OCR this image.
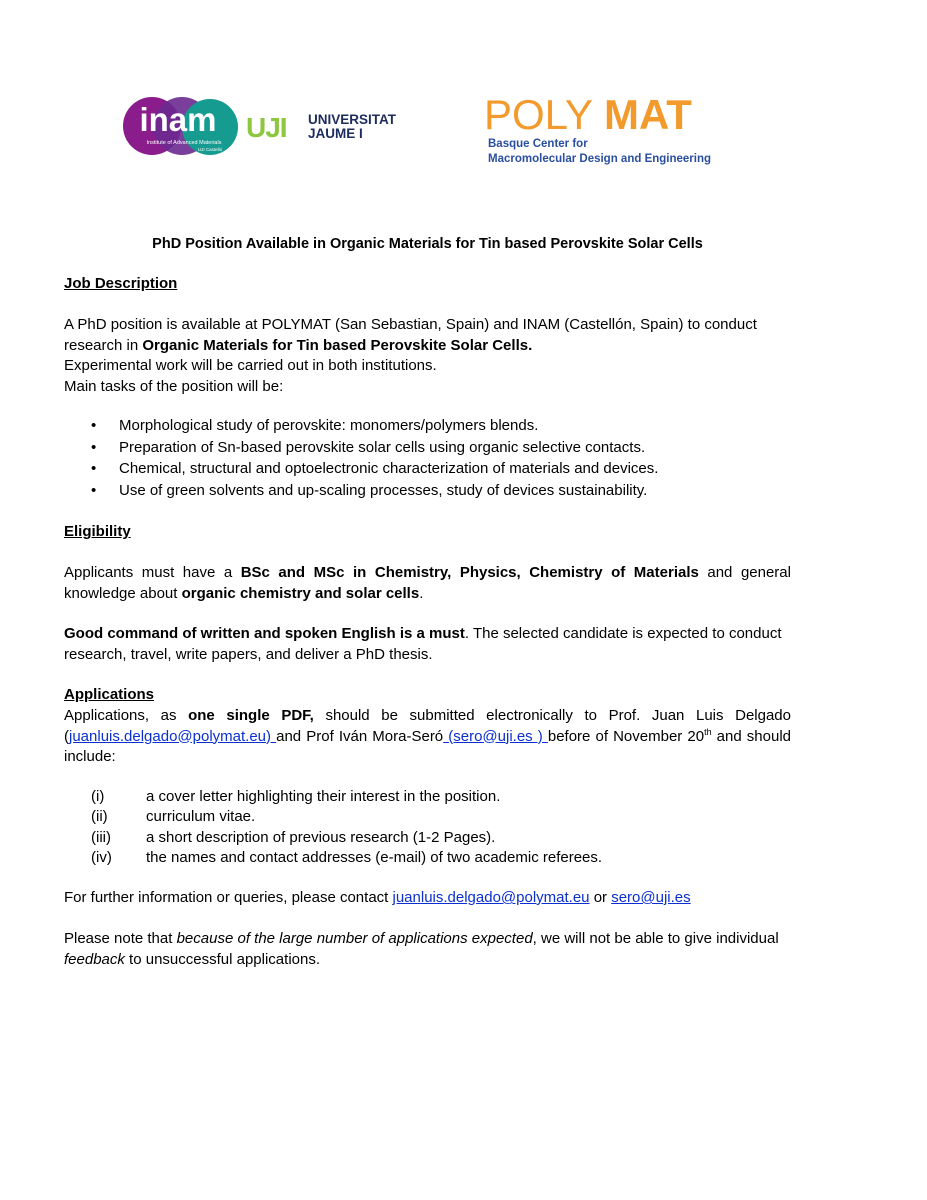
inam
Institute of Advanced Materials
UJI Castelló
UJI UNIVERSITAT
JAUME I	POLY MAT
Basque Center for
Macromolecular Design and Engineering
PhD Position Available in Organic Materials for Tin based Perovskite Solar Cells
Job Description

A PhD position is available at POLYMAT (San Sebastian, Spain) and INAM (Castellón, Spain) to conduct research in Organic Materials for Tin based Perovskite Solar Cells.

Experimental work will be carried out in both institutions.

Main tasks of the position will be:

• Morphological study of perovskite: monomers/polymers blends.
• Preparation of Sn-based perovskite solar cells using organic selective contacts.
• Chemical, structural and optoelectronic characterization of materials and devices.
• Use of green solvents and up-scaling processes, study of devices sustainability.
Eligibility

Applicants must have a BSc and MSc in Chemistry, Physics, Chemistry of Materials and general knowledge about organic chemistry and solar cells.

Good command of written and spoken English is a must. The selected candidate is expected to conduct research, travel, write papers, and deliver a PhD thesis.

Applications

Applications, as one single PDF, should be submitted electronically to Prof. Juan Luis Delgado (juanluis.delgado@polymat.eu) and Prof Iván Mora-Seró (sero@uji.es ) before of November 20th and should include:

(i)	a cover letter highlighting their interest in the position.
(ii)	curriculum vitae.
(iii) a short description of previous research (1-2 Pages).
(iv) the names and contact addresses (e-mail) of two academic referees.

For further information or queries, please contact juanluis.delgado@polymat.eu or sero@uji.es

Please note that because of the large number of applications expected, we will not be able to give individual feedback to unsuccessful applications.
